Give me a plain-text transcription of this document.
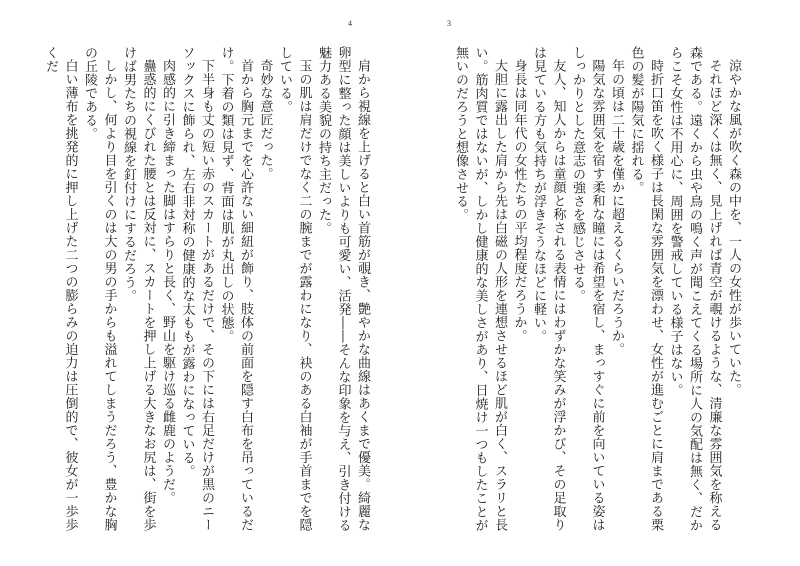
4

肩から視線を上げると白い首筋が覗き、艶やかな曲線はあくまで優美。綺麗な卵型に整った顔は美しいよりも可愛い、活発――そんな印象を与え、引き付ける魅力ある美貌の持ち主だった。

玉の肌は肩だけでなく二の腕までが露わになり、袂のある白袖が手首までを隠している。

奇妙な意匠だった。

首から胸元までを心許ない細紐が飾り、肢体の前面を隠す白布を吊っているだけ。下着の類は見ず、背面は肌が丸出しの状態。

下半身も丈の短い赤のスカートがあるだけで、その下には右足だけが黒のニーソックスに飾られ、左右非対称の健康的な太ももが露わになっている。

肉感的に引き締まった脚はすらりと長く、野山を駆け巡る雌鹿のようだ。

蠱惑的にくびれた腰とは反対に、スカートを押し上げる大きなお尻は、街を歩けば男たちの視線を釘付けにするだろう。

しかし、何より目を引くのは大の男の手からも溢れてしまうだろう、豊かな胸の丘陵である。

白い薄布を挑発的に押し上げた二つの膨らみの迫力は圧倒的で、彼女が一歩歩くだ

3

涼やかな風が吹く森の中を、一人の女性が歩いていた。

それほど深くは無く、見上げれば青空が覗けるような、清廉な雰囲気を称える森である。遠くから虫や鳥の鳴く声が聞こえてくる場所に人の気配は無く、だからこそ女性は不用心に、周囲を警戒している様子はない。

時折口笛を吹く様子は長閑な雰囲気を漂わせ、女性が進むごとに肩まである栗色の髪が陽気に揺れる。

年の頃は二十歳を僅かに超えるくらいだろうか。

陽気な雰囲気を宿す柔和な瞳には希望を宿し、まっすぐに前を向いている姿はしっかりとした意志の強さを感じさせる。

友人、知人からは童顔と称される表情にはわずかな笑みが浮かび、その足取りは見ている方も気持ちが浮きそうなほどに軽い。

身長は同年代の女性たちの平均程度だろうか。

大胆に露出した肩から先は白磁の人形を連想させるほど肌が白く、スラリと長い。筋肉質ではないが、しかし健康的な美しさがあり、日焼け一つもしたことが無いのだろうと想像させる。
